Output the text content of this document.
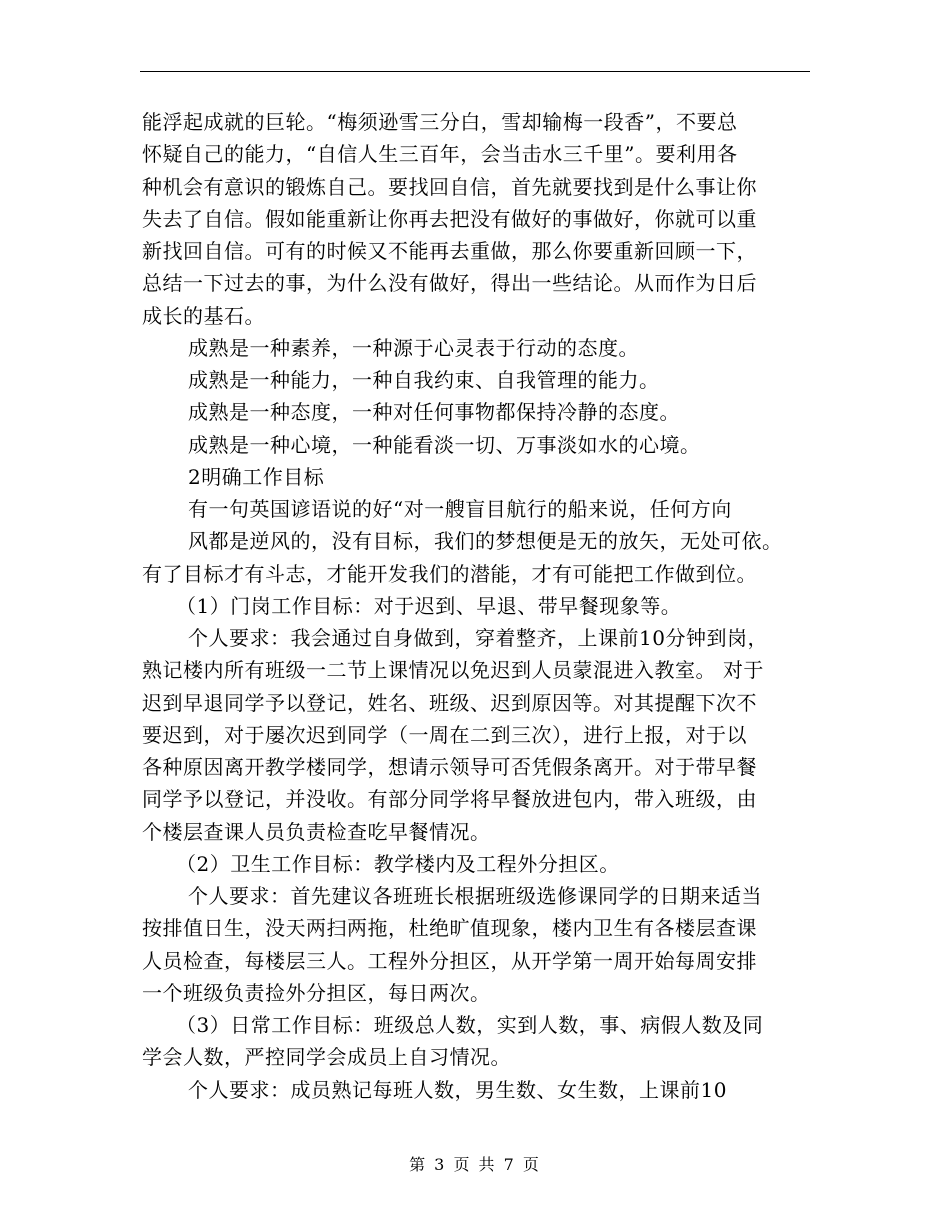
能浮起成就的巨轮。“梅须逊雪三分白，雪却输梅一段香”，不要总
怀疑自己的能力，“自信人生三百年，会当击水三千里”。要利用各
种机会有意识的锻炼自己。要找回自信，首先就要找到是什么事让你
失去了自信。假如能重新让你再去把没有做好的事做好，你就可以重
新找回自信。可有的时候又不能再去重做，那么你要重新回顾一下，
总结一下过去的事，为什么没有做好，得出一些结论。从而作为日后
成长的基石。
成熟是一种素养，一种源于心灵表于行动的态度。
成熟是一种能力，一种自我约束、自我管理的能力。
成熟是一种态度，一种对任何事物都保持冷静的态度。
成熟是一种心境，一种能看淡一切、万事淡如水的心境。
2明确工作目标
有一句英国谚语说的好“对一艘盲目航行的船来说，任何方向
风都是逆风的，没有目标，我们的梦想便是无的放矢，无处可依。
有了目标才有斗志，才能开发我们的潜能，才有可能把工作做到位。
（1）门岗工作目标：对于迟到、早退、带早餐现象等。
个人要求：我会通过自身做到，穿着整齐，上课前10分钟到岗，
熟记楼内所有班级一二节上课情况以免迟到人员蒙混进入教室。 对于
迟到早退同学予以登记，姓名、班级、迟到原因等。对其提醒下次不
要迟到，对于屡次迟到同学（一周在二到三次），进行上报，对于以
各种原因离开教学楼同学，想请示领导可否凭假条离开。对于带早餐
同学予以登记，并没收。有部分同学将早餐放进包内，带入班级，由
个楼层查课人员负责检查吃早餐情况。
（2）卫生工作目标：教学楼内及工程外分担区。
个人要求：首先建议各班班长根据班级选修课同学的日期来适当
按排值日生，没天两扫两拖，杜绝旷值现象，楼内卫生有各楼层查课
人员检查，每楼层三人。工程外分担区，从开学第一周开始每周安排
一个班级负责捡外分担区，每日两次。
（3）日常工作目标：班级总人数，实到人数，事、病假人数及同
学会人数，严控同学会成员上自习情况。
个人要求：成员熟记每班人数，男生数、女生数，上课前10
第 3 页 共 7 页
